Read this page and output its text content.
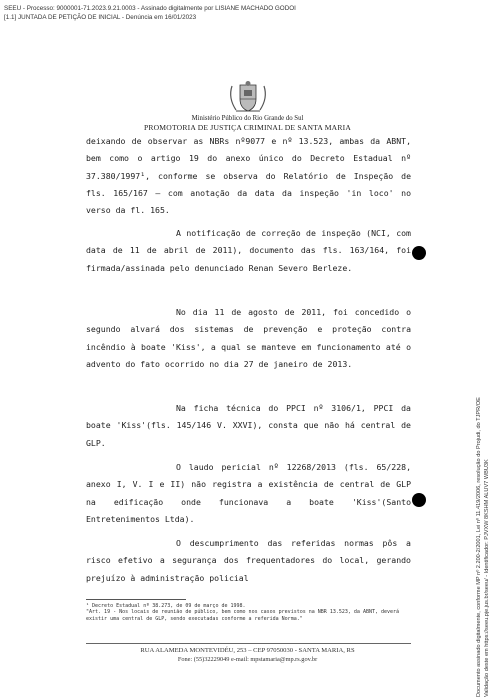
SEEU - Processo: 9000001-71.2023.9.21.0003 - Assinado digitalmente por LISIANE MACHADO GODOI
[1.1] JUNTADA DE PETIÇÃO DE INICIAL - Denúncia em 16/01/2023
Documento assinado digitalmente, conforme MP nº 2.200-2/2001, Lei nº 11.419/2006, resolução do Projudi, do TJPR/OE Validação deste em https://seeu.pje.jus.br/seeu/ - Identificador: PJVXW 8KSHM ALUV7 WBU3K
Ministério Público do Rio Grande do Sul
PROMOTORIA DE JUSTIÇA CRIMINAL DE SANTA MARIA

deixando de observar as NBRs nº9077 e nº 13.523, ambas da ABNT, bem como o artigo 19 do anexo único do Decreto Estadual nº 37.380/1997¹, conforme se observa do Relatório de Inspeção de fls. 165/167 – com anotação da data da inspeção 'in loco' no verso da fl. 165.

A notificação de correção de inspeção (NCI, com data de 11 de abril de 2011), documento das fls. 163/164, foi firmada/assinada pelo denunciado Renan Severo Berleze.

No dia 11 de agosto de 2011, foi concedido o segundo alvará dos sistemas de prevenção e proteção contra incêndio à boate 'Kiss', a qual se manteve em funcionamento até o advento do fato ocorrido no dia 27 de janeiro de 2013.

Na ficha técnica do PPCI nº 3106/1, PPCI da boate 'Kiss'(fls. 145/146 V. XXVI), consta que não há central de GLP.

O laudo pericial nº 12268/2013 (fls. 65/228, anexo I, V. I e II) não registra a existência de central de GLP na edificação onde funcionava a boate 'Kiss'(Santo Entretenimentos Ltda).

O descumprimento das referidas normas pôs a risco efetivo a segurança dos frequentadores do local, gerando prejuízo à administração policial

¹ Decreto Estadual nº 38.273, de 09 de março de 1998.

"Art. 19 - Nos locais de reunião de público, bem como nos casos previstos na NBR 13.523, da ABNT, deverá existir uma central de GLP, sendo executadas conforme a referida Norma."

RUA ALAMEDA MONTEVIDÉU, 253 – CEP 97050030 - SANTA MARIA, RS
Fone: (55)32229049 e-mail: mpstamaria@mp.rs.gov.br
